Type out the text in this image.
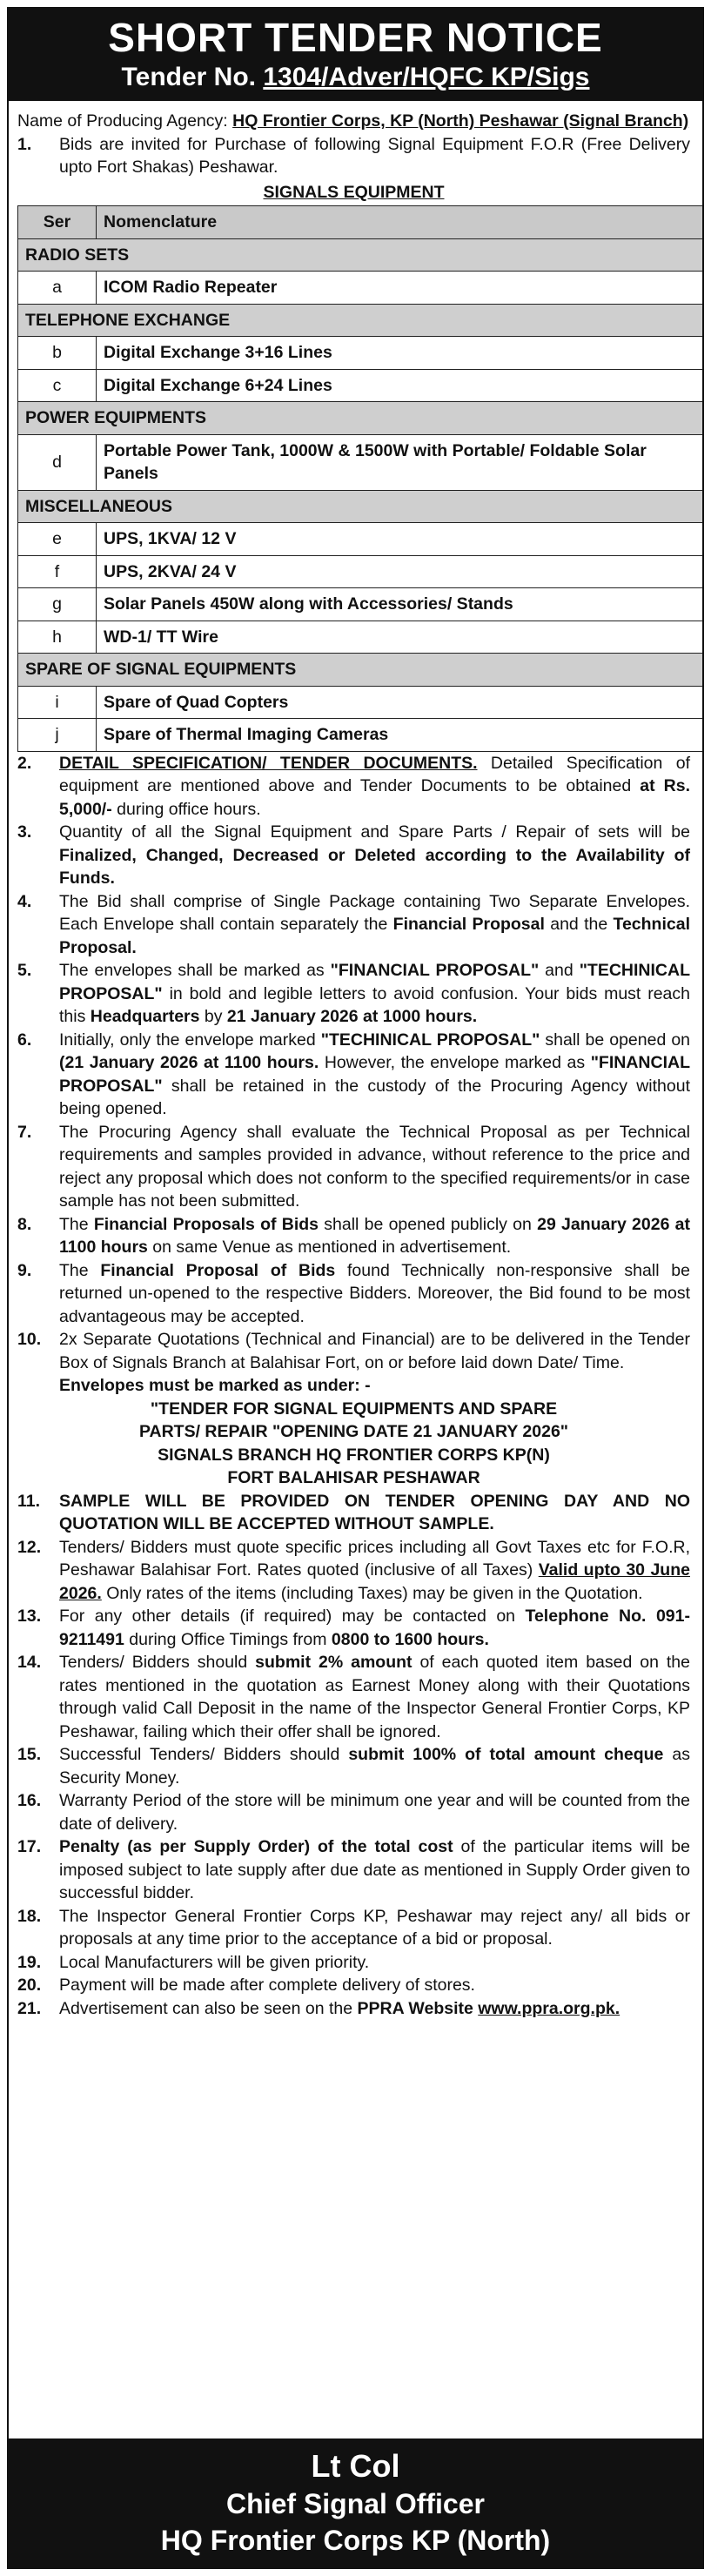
SHORT TENDER NOTICE
Tender No. 1304/Adver/HQFC KP/Sigs
Name of Producing Agency: HQ Frontier Corps, KP (North) Peshawar (Signal Branch)
1.	Bids are invited for Purchase of following Signal Equipment F.O.R (Free Delivery upto Fort Shakas) Peshawar.
SIGNALS EQUIPMENT
Ser	Nomenclature
RADIO SETS	
a	ICOM Radio Repeater
TELEPHONE EXCHANGE	
b	Digital Exchange 3+16 Lines
c	Digital Exchange 6+24 Lines
POWER EQUIPMENTS	
d	Portable Power Tank, 1000W & 1500W with Portable/ Foldable Solar Panels
MISCELLANEOUS	
e	UPS, 1KVA/ 12 V
f	UPS, 2KVA/ 24 V
g	Solar Panels 450W along with Accessories/ Stands
h	WD-1/ TT Wire
SPARE OF SIGNAL EQUIPMENTS	
i	Spare of Quad Copters
j	Spare of Thermal Imaging Cameras
2.	DETAIL SPECIFICATION/ TENDER DOCUMENTS. Detailed Specification of equipment are mentioned above and Tender Documents to be obtained at Rs. 5,000/- during office hours.
3.	Quantity of all the Signal Equipment and Spare Parts / Repair of sets will be Finalized, Changed, Decreased or Deleted according to the Availability of Funds.
4.	The Bid shall comprise of Single Package containing Two Separate Envelopes. Each Envelope shall contain separately the Financial Proposal and the Technical Proposal.
5.	The envelopes shall be marked as "FINANCIAL PROPOSAL" and "TECHINICAL PROPOSAL" in bold and legible letters to avoid confusion. Your bids must reach this Headquarters by 21 January 2026 at 1000 hours.
6.	Initially, only the envelope marked "TECHINICAL PROPOSAL" shall be opened on (21 January 2026 at 1100 hours. However, the envelope marked as "FINANCIAL PROPOSAL" shall be retained in the custody of the Procuring Agency without being opened.
7.	The Procuring Agency shall evaluate the Technical Proposal as per Technical requirements and samples provided in advance, without reference to the price and reject any proposal which does not conform to the specified requirements/or in case sample has not been submitted.
8.	The Financial Proposals of Bids shall be opened publicly on 29 January 2026 at 1100 hours on same Venue as mentioned in advertisement.
9.	The Financial Proposal of Bids found Technically non-responsive shall be returned un-opened to the respective Bidders. Moreover, the Bid found to be most advantageous may be accepted.
10.	2x Separate Quotations (Technical and Financial) are to be delivered in the Tender Box of Signals Branch at Balahisar Fort, on or before laid down Date/ Time.
Envelopes must be marked as under: -
"TENDER FOR SIGNAL EQUIPMENTS AND SPARE
PARTS/ REPAIR "OPENING DATE 21 JANUARY 2026"
SIGNALS BRANCH HQ FRONTIER CORPS KP(N)
FORT BALAHISAR PESHAWAR
11.	SAMPLE WILL BE PROVIDED ON TENDER OPENING DAY AND NO QUOTATION WILL BE ACCEPTED WITHOUT SAMPLE.
12.	Tenders/ Bidders must quote specific prices including all Govt Taxes etc for F.O.R, Peshawar Balahisar Fort. Rates quoted (inclusive of all Taxes) Valid upto 30 June 2026. Only rates of the items (including Taxes) may be given in the Quotation.
13.	For any other details (if required) may be contacted on Telephone No. 091-9211491 during Office Timings from 0800 to 1600 hours.
14.	Tenders/ Bidders should submit 2% amount of each quoted item based on the rates mentioned in the quotation as Earnest Money along with their Quotations through valid Call Deposit in the name of the Inspector General Frontier Corps, KP Peshawar, failing which their offer shall be ignored.
15.	Successful Tenders/ Bidders should submit 100% of total amount cheque as Security Money.
16.	Warranty Period of the store will be minimum one year and will be counted from the date of delivery.
17.	Penalty (as per Supply Order) of the total cost of the particular items will be imposed subject to late supply after due date as mentioned in Supply Order given to successful bidder.
18.	The Inspector General Frontier Corps KP, Peshawar may reject any/ all bids or proposals at any time prior to the acceptance of a bid or proposal.
19.	Local Manufacturers will be given priority.
20.	Payment will be made after complete delivery of stores.
21.	Advertisement can also be seen on the PPRA Website www.ppra.org.pk.
Lt Col
Chief Signal Officer
HQ Frontier Corps KP (North)
